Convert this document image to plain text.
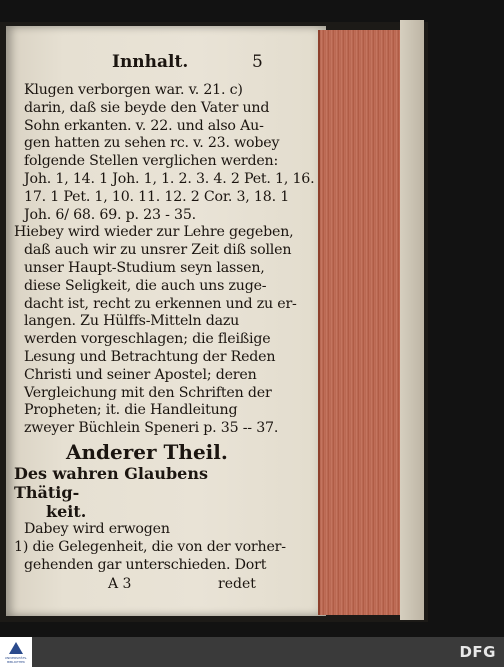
Innhalt.	5
Klugen verborgen war. v. 21. c)
darin, daß sie beyde den Vater und
Sohn erkanten. v. 22. und also Au-
gen hatten zu sehen rc. v. 23. wobey
folgende Stellen verglichen werden:
Joh. 1, 14. 1 Joh. 1, 1. 2. 3. 4. 2 Pet. 1, 16.
17. 1 Pet. 1, 10. 11. 12. 2 Cor. 3, 18. 1
Joh. 6/ 68. 69. p. 23 - 35.
Hiebey wird wieder zur Lehre gegeben,
daß auch wir zu unsrer Zeit diß sollen
unser Haupt-Studium seyn lassen,
diese Seligkeit, die auch uns zuge-
dacht ist, recht zu erkennen und zu er-
langen. Zu Hülffs-Mitteln dazu
werden vorgeschlagen; die fleißige
Lesung und Betrachtung der Reden
Christi und seiner Apostel; deren
Vergleichung mit den Schriften der
Propheten; it. die Handleitung
zweyer Büchlein Speneri p. 35 -- 37.
Anderer Theil.
Des wahren Glaubens Thätig-
keit.
Dabey wird erwogen
1) die Gelegenheit, die von der vorher-
gehenden gar unterschieden. Dort
A 3	redet
UNIVERSITÄTS- BIBLIOTHEK
DFG
